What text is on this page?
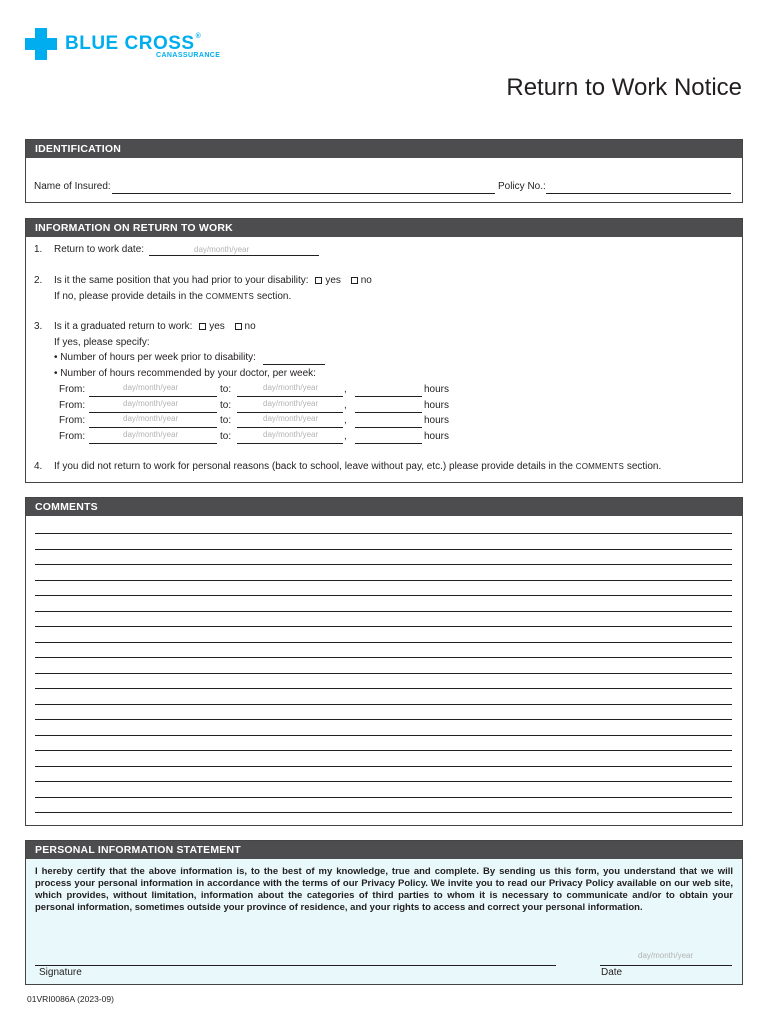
BLUE CROSS®
CANASSURANCE
Return to Work Notice
IDENTIFICATION
Name of Insured:	Policy No.:
INFORMATION ON RETURN TO WORK
1. Return to work date:	day/month/year
2. Is it the same position that you had prior to your disability: yes no
If no, please provide details in the COMMENTS section.
3. Is it a graduated return to work: yes no
If yes, please specify:
• Number of hours per week prior to disability:
• Number of hours recommended by your doctor, per week:
From:	day/month/year	to:	day/month/year	,	hours
From:	day/month/year	to:	day/month/year	,	hours
From:	day/month/year	to:	day/month/year	,	hours
From:	day/month/year	to:	day/month/year	,	hours
4. If you did not return to work for personal reasons (back to school, leave without pay, etc.) please provide details in the COMMENTS section.
COMMENTS
PERSONAL INFORMATION STATEMENT
I hereby certify that the above information is, to the best of my knowledge, true and complete. By sending us this form, you understand that we will process your personal information in accordance with the terms of our Privacy Policy. We invite you to read our Privacy Policy available on our web site, which provides, without limitation, information about the categories of third parties to whom it is necessary to communicate and/or to obtain your personal information, sometimes outside your province of residence, and your rights to access and correct your personal information.
Signature
day/month/year
Date
01VRI0086A (2023-09)
